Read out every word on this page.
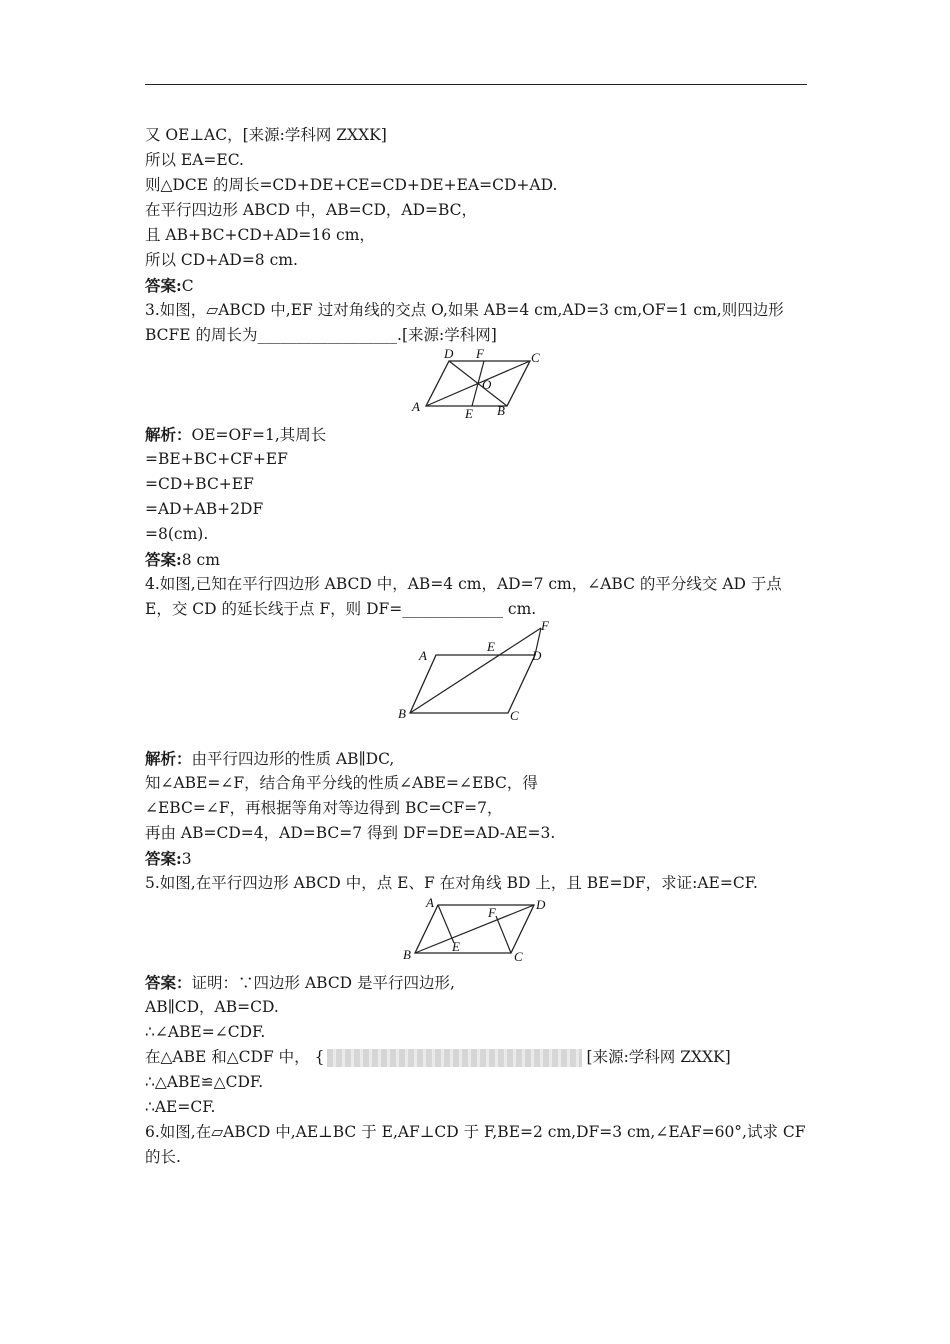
又 OE⊥AC，[来源:学科网 ZXXK]
所以 EA=EC.
则△DCE 的周长=CD+DE+CE=CD+DE+EA=CD+AD.
在平行四边形 ABCD 中，AB=CD，AD=BC，
且 AB+BC+CD+AD=16 cm，
所以 CD+AD=8 cm.
答案:C
3.如图，▱ABCD 中,EF 过对角线的交点 O,如果 AB=4 cm,AD=3 cm,OF=1 cm,则四边形 BCFE 的周长为__________________.[来源:学科网]
A	B
C
D
E
F
O
解析：OE=OF=1,其周长
=BE+BC+CF+EF
=CD+BC+EF
=AD+AB+2DF
=8(cm).
答案:8 cm
4.如图,已知在平行四边形 ABCD 中，AB=4 cm，AD=7 cm，∠ABC 的平分线交 AD 于点 E，交 CD 的延长线于点 F，则 DF=_____________ cm.
A
B	C
D
E
F
解析：由平行四边形的性质 AB∥DC,
知∠ABE=∠F，结合角平分线的性质∠ABE=∠EBC，得
∠EBC=∠F，再根据等角对等边得到 BC=CF=7，
再由 AB=CD=4，AD=BC=7 得到 DF=DE=AD-AE=3.
答案:3
5.如图,在平行四边形 ABCD 中，点 E、F 在对角线 BD 上，且 BE=DF，求证:AE=CF.
A
B	C
D
E
F
答案：证明：∵四边形 ABCD 是平行四边形,
AB∥CD，AB=CD.
∴∠ABE=∠CDF.
在△ABE 和△CDF 中， {	[来源:学科网 ZXXK]
∴△ABE≌△CDF.
∴AE=CF.
6.如图,在▱ABCD 中,AE⊥BC 于 E,AF⊥CD 于 F,BE=2 cm,DF=3 cm,∠EAF=60°,试求 CF 的长.
